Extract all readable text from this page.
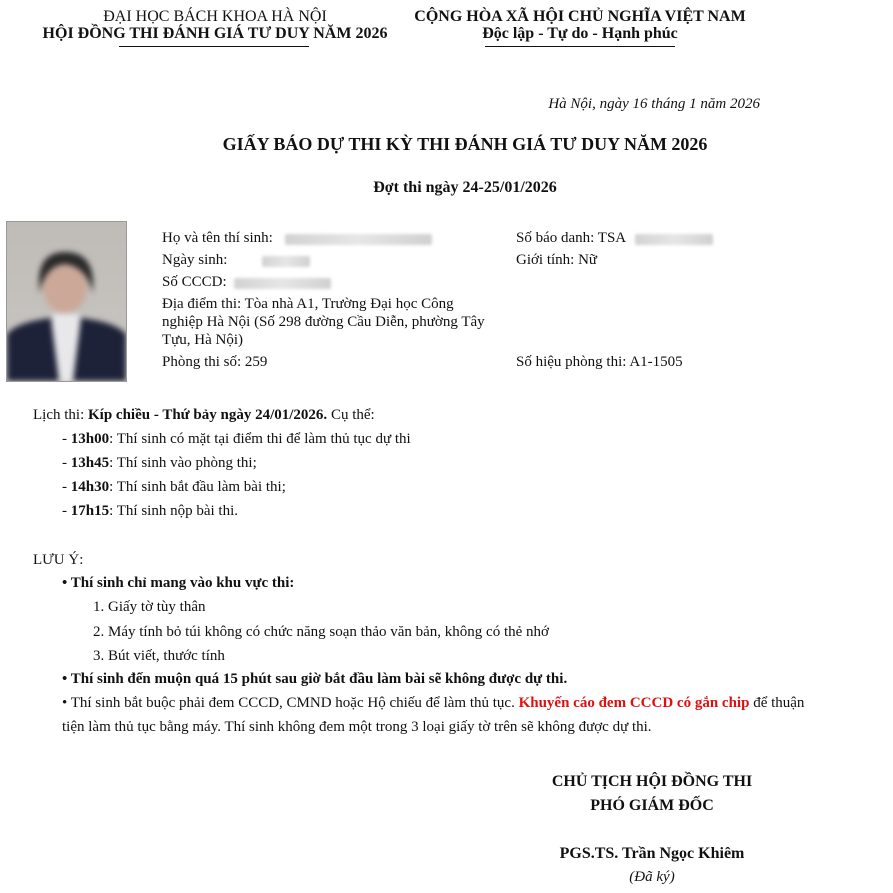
ĐẠI HỌC BÁCH KHOA HÀ NỘI
HỘI ĐỒNG THI ĐÁNH GIÁ TƯ DUY NĂM 2026
CỘNG HÒA XÃ HỘI CHỦ NGHĨA VIỆT NAM
Độc lập - Tự do - Hạnh phúc
Hà Nội, ngày 16 tháng 1 năm 2026
GIẤY BÁO DỰ THI KỲ THI ĐÁNH GIÁ TƯ DUY NĂM 2026
Đợt thi ngày 24-25/01/2026
Họ và tên thí sinh:	Số báo danh: TSA
Ngày sinh:	Giới tính: Nữ
Số CCCD:
Địa điểm thi: Tòa nhà A1, Trường Đại học Công
nghiệp Hà Nội (Số 298 đường Cầu Diễn, phường Tây
Tựu, Hà Nội)
Phòng thi số: 259	Số hiệu phòng thi: A1-1505
Lịch thi: Kíp chiều - Thứ bảy ngày 24/01/2026. Cụ thể:
- 13h00: Thí sinh có mặt tại điểm thi để làm thủ tục dự thi
- 13h45: Thí sinh vào phòng thi;
- 14h30: Thí sinh bắt đầu làm bài thi;
- 17h15: Thí sinh nộp bài thi.
LƯU Ý:
• Thí sinh chỉ mang vào khu vực thi:
1. Giấy tờ tùy thân
2. Máy tính bỏ túi không có chức năng soạn thảo văn bản, không có thẻ nhớ
3. Bút viết, thước tính
• Thí sinh đến muộn quá 15 phút sau giờ bắt đầu làm bài sẽ không được dự thi.
• Thí sinh bắt buộc phải đem CCCD, CMND hoặc Hộ chiếu để làm thủ tục. Khuyến cáo đem CCCD có gắn chip để thuận
tiện làm thủ tục bằng máy. Thí sinh không đem một trong 3 loại giấy tờ trên sẽ không được dự thi.
CHỦ TỊCH HỘI ĐỒNG THI
PHÓ GIÁM ĐỐC
PGS.TS. Trần Ngọc Khiêm
(Đã ký)
